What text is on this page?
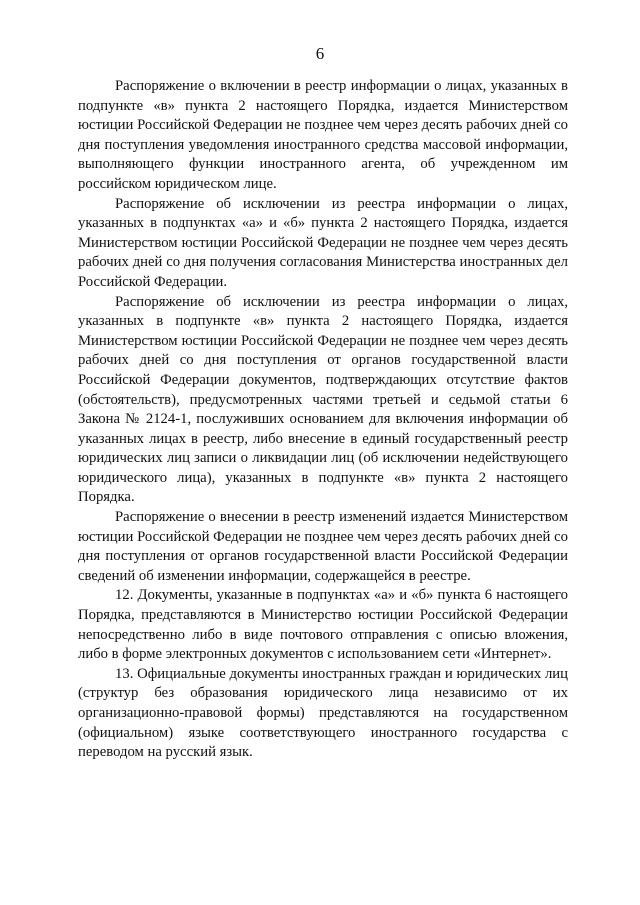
6

Распоряжение о включении в реестр информации о лицах, указанных в подпункте «в» пункта 2 настоящего Порядка, издается Министерством юстиции Российской Федерации не позднее чем через десять рабочих дней со дня поступления уведомления иностранного средства массовой информации, выполняющего функции иностранного агента, об учрежденном им российском юридическом лице.

Распоряжение об исключении из реестра информации о лицах, указанных в подпунктах «а» и «б» пункта 2 настоящего Порядка, издается Министерством юстиции Российской Федерации не позднее чем через десять рабочих дней со дня получения согласования Министерства иностранных дел Российской Федерации.

Распоряжение об исключении из реестра информации о лицах, указанных в подпункте «в» пункта 2 настоящего Порядка, издается Министерством юстиции Российской Федерации не позднее чем через десять рабочих дней со дня поступления от органов государственной власти Российской Федерации документов, подтверждающих отсутствие фактов (обстоятельств), предусмотренных частями третьей и седьмой статьи 6 Закона № 2124-1, послуживших основанием для включения информации об указанных лицах в реестр, либо внесение в единый государственный реестр юридических лиц записи о ликвидации лиц (об исключении недействующего юридического лица), указанных в подпункте «в» пункта 2 настоящего Порядка.

Распоряжение о внесении в реестр изменений издается Министерством юстиции Российской Федерации не позднее чем через десять рабочих дней со дня поступления от органов государственной власти Российской Федерации сведений об изменении информации, содержащейся в реестре.

12. Документы, указанные в подпунктах «а» и «б» пункта 6 настоящего Порядка, представляются в Министерство юстиции Российской Федерации непосредственно либо в виде почтового отправления с описью вложения, либо в форме электронных документов с использованием сети «Интернет».

13. Официальные документы иностранных граждан и юридических лиц (структур без образования юридического лица независимо от их организационно-правовой формы) представляются на государственном (официальном) языке соответствующего иностранного государства с переводом на русский язык.
